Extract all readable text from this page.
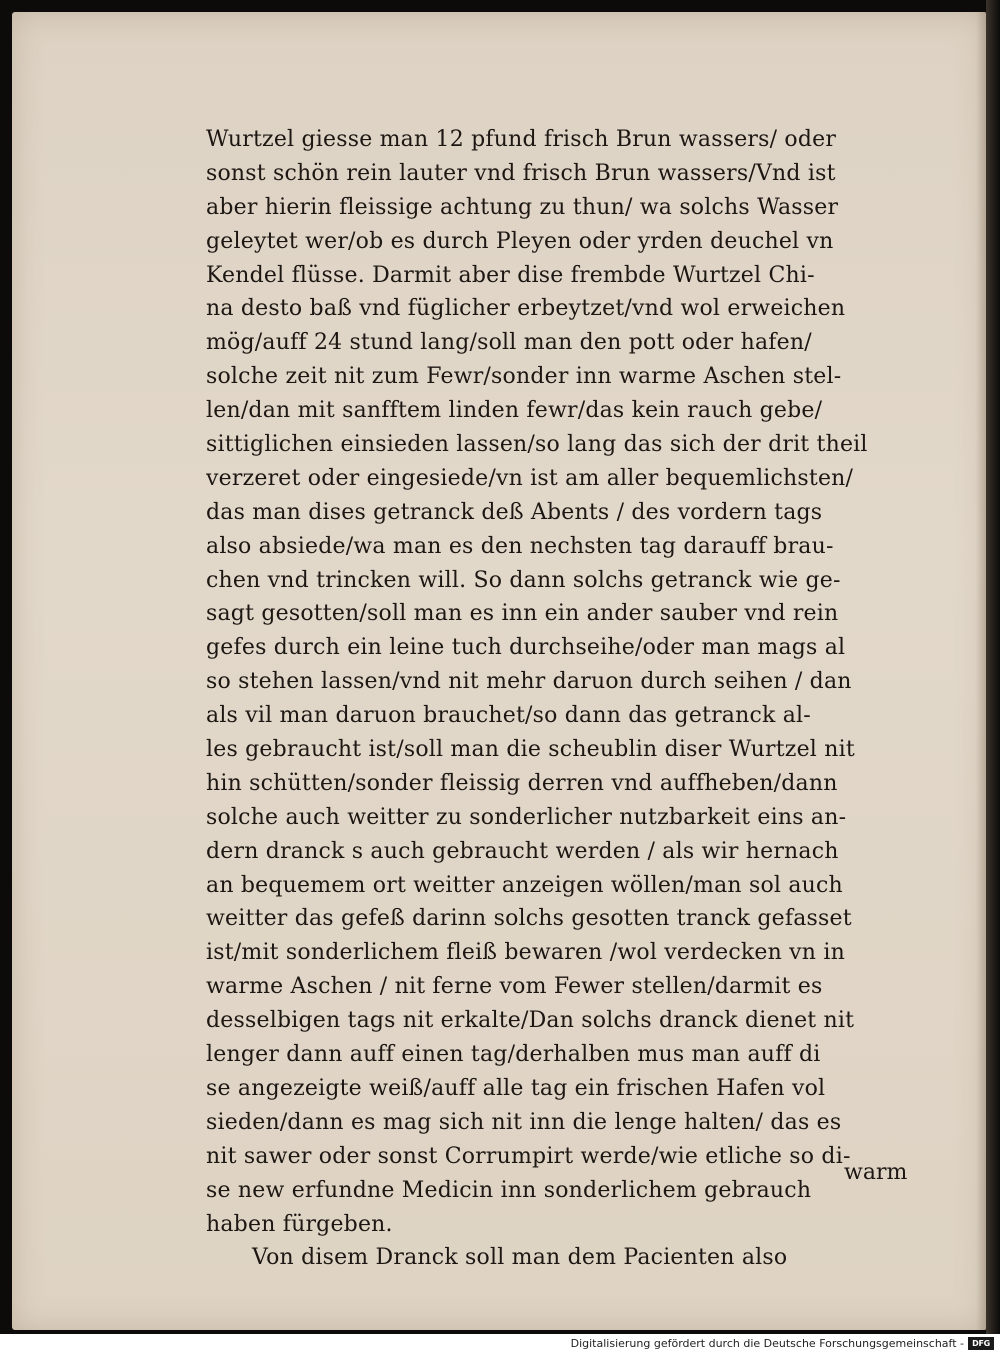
Wurtzel giesse man 12 pfund frisch Brun wassers/ oder
sonst schön rein lauter vnd frisch Brun wassers/Vnd ist
aber hierin fleissige achtung zu thun/ wa solchs Wasser
geleytet wer/ob es durch Pleyen oder yrden deuchel vn
Kendel flüsse. Darmit aber dise frembde Wurtzel Chi-
na desto baß vnd füglicher erbeytzet/vnd wol erweichen
mög/auff 24 stund lang/soll man den pott oder hafen/
solche zeit nit zum Fewr/sonder inn warme Aschen stel-
len/dan mit sanfftem linden fewr/das kein rauch gebe/
sittiglichen einsieden lassen/so lang das sich der drit theil
verzeret oder eingesiede/vn ist am aller bequemlichsten/
das man dises getranck deß Abents / des vordern tags
also absiede/wa man es den nechsten tag darauff brau-
chen vnd trincken will. So dann solchs getranck wie ge-
sagt gesotten/soll man es inn ein ander sauber vnd rein
gefes durch ein leine tuch durchseihe/oder man mags al
so stehen lassen/vnd nit mehr daruon durch seihen / dan
als vil man daruon brauchet/so dann das getranck al-
les gebraucht ist/soll man die scheublin diser Wurtzel nit
hin schütten/sonder fleissig derren vnd auffheben/dann
solche auch weitter zu sonderlicher nutzbarkeit eins an-
dern dranck s auch gebraucht werden / als wir hernach
an bequemem ort weitter anzeigen wöllen/man sol auch
weitter das gefeß darinn solchs gesotten tranck gefasset
ist/mit sonderlichem fleiß bewaren /wol verdecken vn in
warme Aschen / nit ferne vom Fewer stellen/darmit es
desselbigen tags nit erkalte/Dan solchs dranck dienet nit
lenger dann auff einen tag/derhalben mus man auff di
se angezeigte weiß/auff alle tag ein frischen Hafen vol
sieden/dann es mag sich nit inn die lenge halten/ das es
nit sawer oder sonst Corrumpirt werde/wie etliche so di-
se new erfundne Medicin inn sonderlichem gebrauch
haben fürgeben.
Von disem Dranck soll man dem Pacienten also
warm
Digitalisierung gefördert durch die Deutsche Forschungsgemeinschaft -	DFG
